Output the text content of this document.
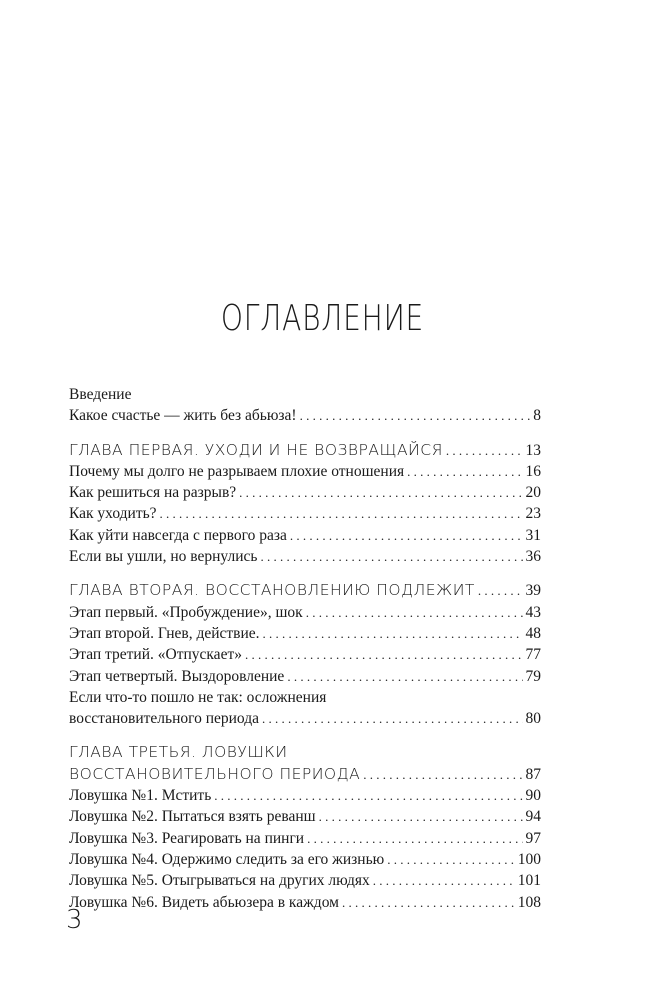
ОГЛАВЛЕНИЕ
Введение
Какое счастье — жить без абьюза! . . .	8
ГЛАВА ПЕРВАЯ. УХОДИ И НЕ ВОЗВРАЩАЙСЯ . . .	13
Почему мы долго не разрываем плохие отношения . . .	16
Как решиться на разрыв? . . .	20
Как уходить? . . .	23
Как уйти навсегда с первого раза . . .	31
Если вы ушли, но вернулись . . .	36
ГЛАВА ВТОРАЯ. ВОССТАНОВЛЕНИЮ ПОДЛЕЖИТ . . .	39
Этап первый. «Пробуждение», шок . . .	43
Этап второй. Гнев, действие. . . .	48
Этап третий. «Отпускает» . . .	77
Этап четвертый. Выздоровление . . .	79
Если что-то пошло не так: осложнения
восстановительного периода . . .	80
ГЛАВА ТРЕТЬЯ. ЛОВУШКИ
ВОССТАНОВИТЕЛЬНОГО ПЕРИОДА . . .	87
Ловушка №1. Мстить . . .	90
Ловушка №2. Пытаться взять реванш . . .	94
Ловушка №3. Реагировать на пинги . . .	97
Ловушка №4. Одержимо следить за его жизнью . . .	100
Ловушка №5. Отыгрываться на других людях . . .	101
Ловушка №6. Видеть абьюзера в каждом . . .	108
3
